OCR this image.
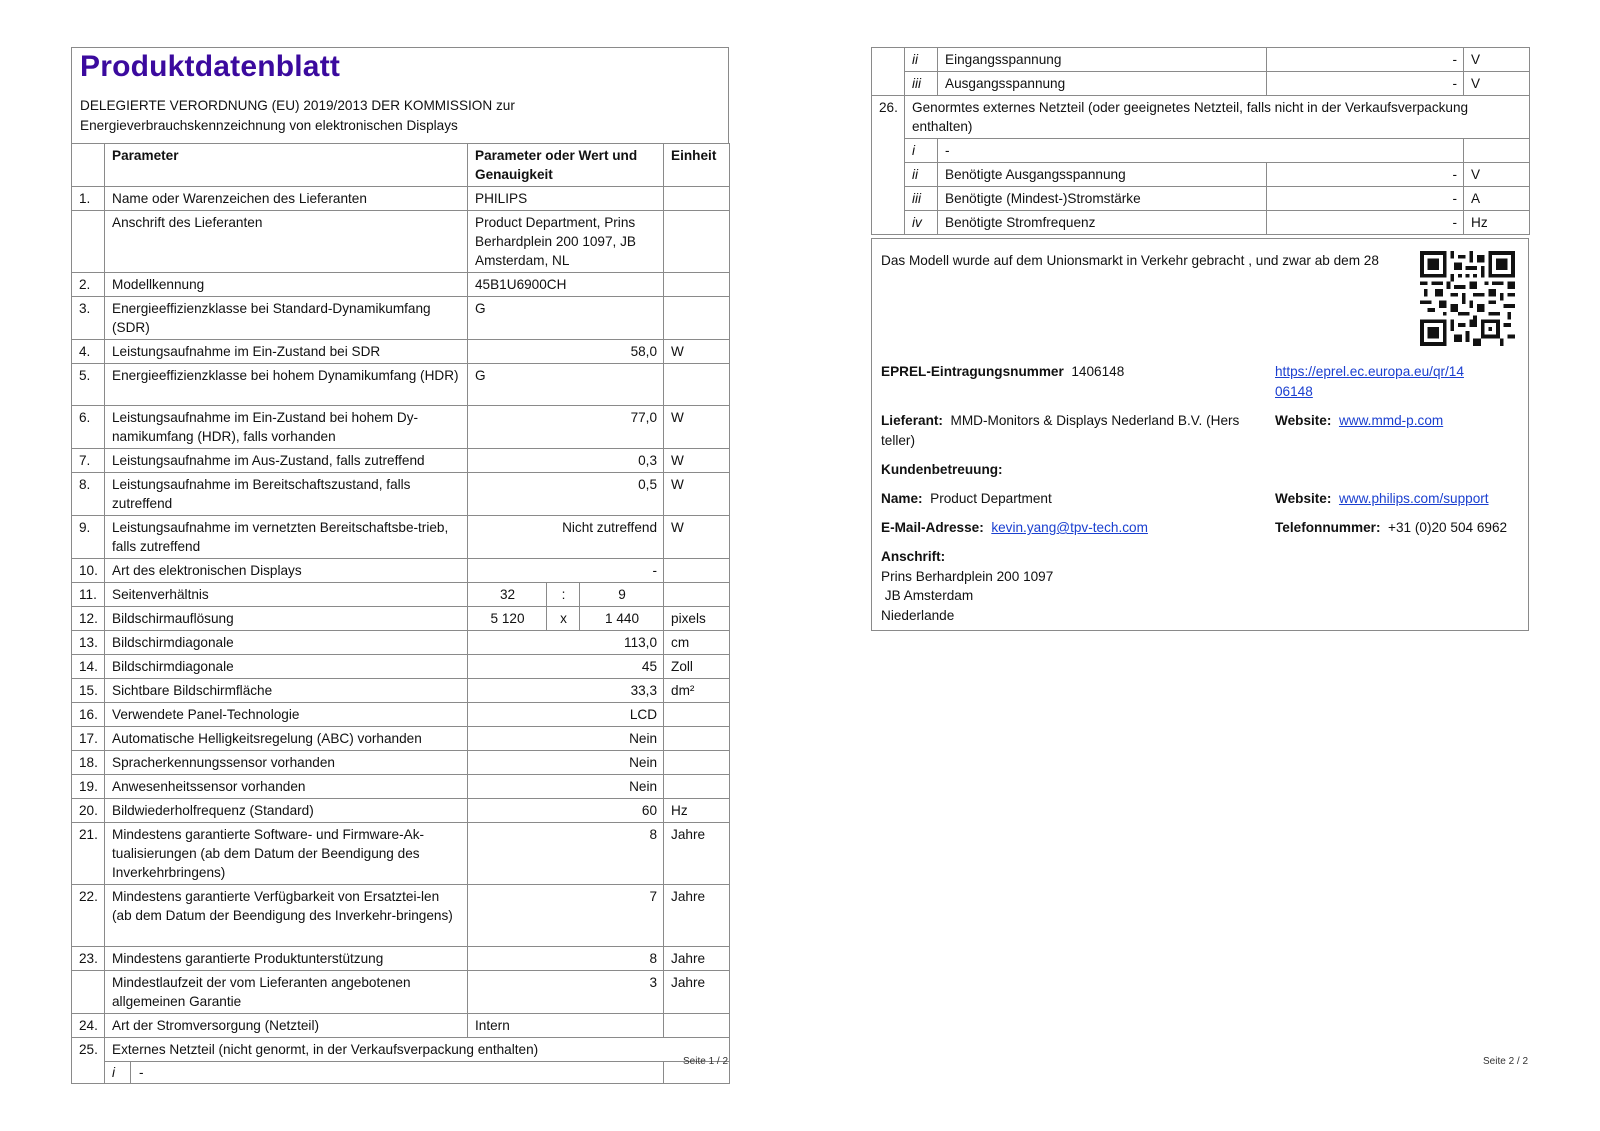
Produktdatenblatt
DELEGIERTE VERORDNUNG (EU) 2019/2013 DER KOMMISSION zur
Energieverbrauchskennzeichnung von elektronischen Displays
	Parameter	Parameter oder Wert und Genauigkeit			Einheit
1.	Name oder Warenzeichen des Lieferanten	PHILIPS			
	Anschrift des Lieferanten	Product Department, Prins Berhardplein 200 1097, JB Amsterdam, NL			
2.	Modellkennung	45B1U6900CH			
3.	Energieeffizienzklasse bei Standard-Dynamikumfang (SDR)	G			
4.	Leistungsaufnahme im Ein-Zustand bei SDR	58,0			W
5.	Energieeffizienzklasse bei hohem Dynamikumfang (HDR)	G			
6.	Leistungsaufnahme im Ein-Zustand bei hohem Dy-namikumfang (HDR), falls vorhanden	77,0			W
7.	Leistungsaufnahme im Aus-Zustand, falls zutreffend	0,3			W
8.	Leistungsaufnahme im Bereitschaftszustand, falls zutreffend	0,5			W
9.	Leistungsaufnahme im vernetzten Bereitschaftsbe-trieb, falls zutreffend	Nicht zutreffend			W
10.	Art des elektronischen Displays	-			
11.	Seitenverhältnis	32	:	9	
12.	Bildschirmauflösung	5 120	x	1 440	pixels
13.	Bildschirmdiagonale	113,0			cm
14.	Bildschirmdiagonale	45			Zoll
15.	Sichtbare Bildschirmfläche	33,3			dm²
16.	Verwendete Panel-Technologie	LCD			
17.	Automatische Helligkeitsregelung (ABC) vorhanden	Nein			
18.	Spracherkennungssensor vorhanden	Nein			
19.	Anwesenheitssensor vorhanden	Nein			
20.	Bildwiederholfrequenz (Standard)	60			Hz
21.	Mindestens garantierte Software- und Firmware-Ak-tualisierungen (ab dem Datum der Beendigung des Inverkehrbringens)	8			Jahre
22.	Mindestens garantierte Verfügbarkeit von Ersatztei-len (ab dem Datum der Beendigung des Inverkehr-bringens)	7			Jahre
23.	Mindestens garantierte Produktunterstützung	8			Jahre
	Mindestlaufzeit der vom Lieferanten angebotenen allgemeinen Garantie	3			Jahre
24.	Art der Stromversorgung (Netzteil)	Intern			
25.	Externes Netzteil (nicht genormt, in der Verkaufsverpackung enthalten)				

	i -				

Seite 1 / 2
	ii	Eingangsspannung	-	V
	iii	Ausgangsspannung	-	V
26.	Genormtes externes Netzteil (oder geeignetes Netzteil, falls nicht in der Verkaufsverpackung enthalten)			
	i	-		
	ii	Benötigte Ausgangsspannung	-	V
	iii	Benötigte (Mindest-)Stromstärke	-	A
	iv	Benötigte Stromfrequenz	-	Hz
Das Modell wurde auf dem Unionsmarkt in Verkehr gebracht , und zwar ab dem 28
EPREL-Eintragungsnummer 1406148	https://eprel.ec.europa.eu/qr/14
06148
Lieferant: MMD-Monitors & Displays Nederland B.V. (Hers
teller)
Website: www.mmd-p.com
Kundenbetreuung:
Name: Product Department	Website: www.philips.com/support
E-Mail-Adresse: kevin.yang@tpv-tech.com	Telefonnummer: +31 (0)20 504 6962
Anschrift:
Prins Berhardplein 200 1097
JB Amsterdam
Niederlande
Seite 2 / 2
